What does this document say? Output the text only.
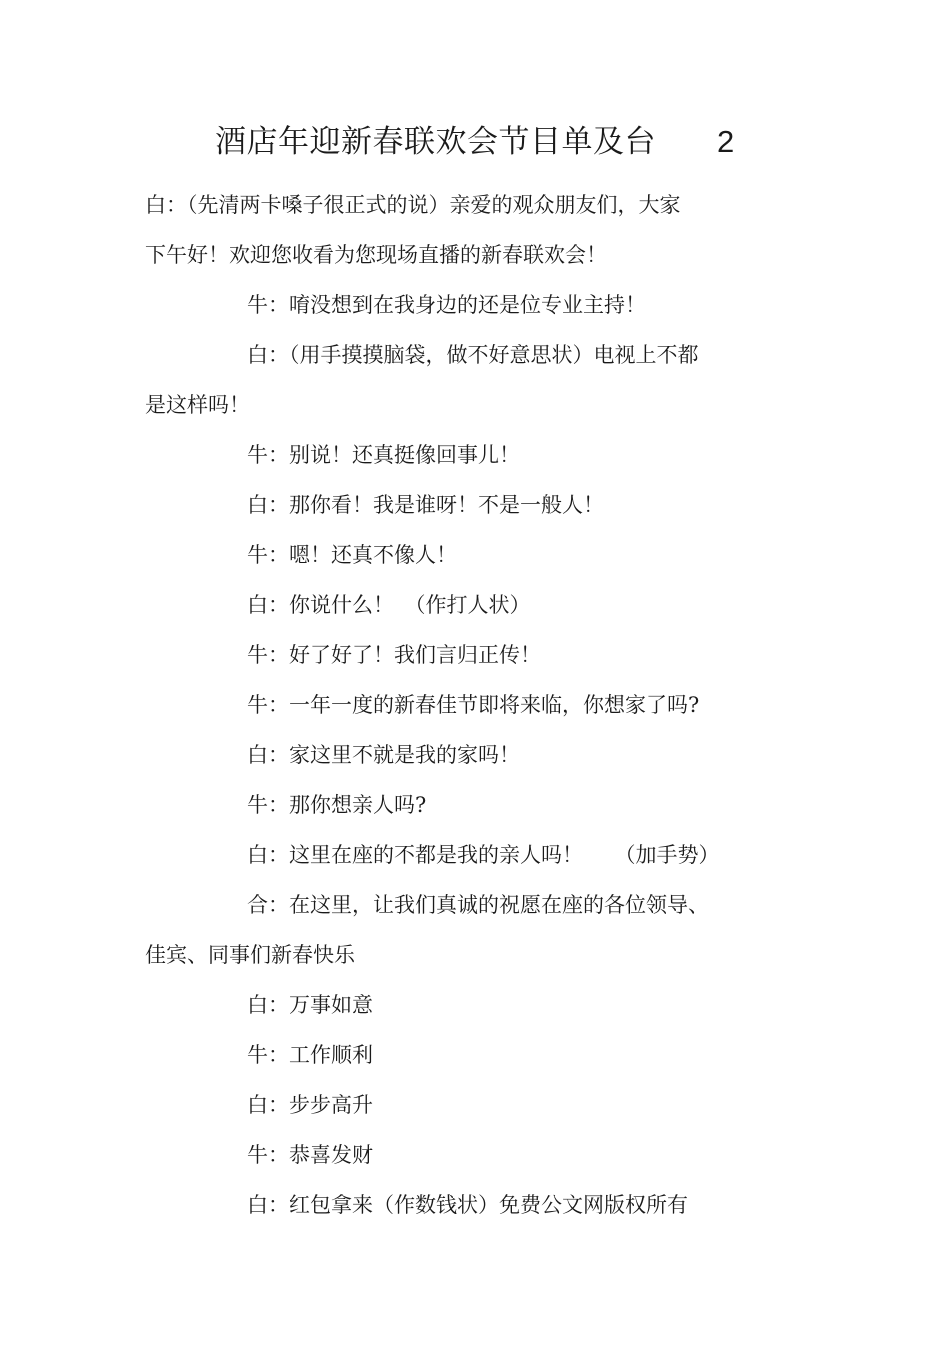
酒店年迎新春联欢会节目单及台 2
白：（先清两卡嗓子很正式的说）亲爱的观众朋友们，大家
下午好！欢迎您收看为您现场直播的新春联欢会！
牛：唷没想到在我身边的还是位专业主持！
白：（用手摸摸脑袋，做不好意思状）电视上不都
是这样吗！
牛：别说！还真挺像回事儿！
白：那你看！我是谁呀！不是一般人！
牛：嗯！还真不像人！
白：你说什么！　（作打人状）
牛：好了好了！我们言归正传！
牛：一年一度的新春佳节即将来临，你想家了吗?
白：家这里不就是我的家吗！
牛：那你想亲人吗?
白：这里在座的不都是我的亲人吗！　　（加手势）
合：在这里，让我们真诚的祝愿在座的各位领导、
佳宾、同事们新春快乐
白：万事如意
牛：工作顺利
白：步步高升
牛：恭喜发财
白：红包拿来（作数钱状）免费公文网版权所有
